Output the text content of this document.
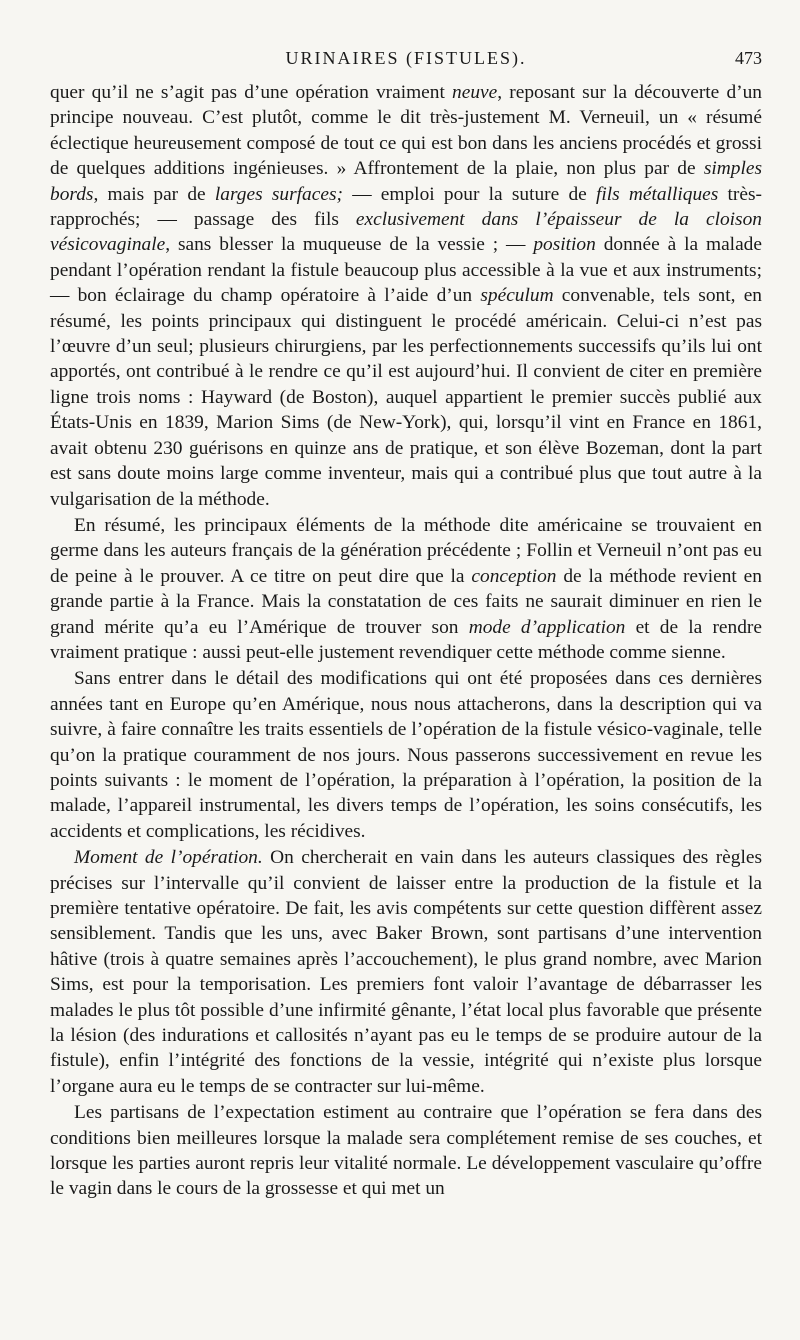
URINAIRES (FISTULES).	473

quer qu’il ne s’agit pas d’une opération vraiment neuve, reposant sur la découverte d’un principe nouveau. C’est plutôt, comme le dit très-justement M. Verneuil, un « résumé éclectique heureusement composé de tout ce qui est bon dans les anciens procédés et grossi de quelques additions ingénieuses. » Affrontement de la plaie, non plus par de simples bords, mais par de larges surfaces; — emploi pour la suture de fils métalliques très-rapprochés; — passage des fils exclusivement dans l’épaisseur de la cloison vésicovaginale, sans blesser la muqueuse de la vessie ; — position donnée à la malade pendant l’opération rendant la fistule beaucoup plus accessible à la vue et aux instruments; — bon éclairage du champ opératoire à l’aide d’un spéculum convenable, tels sont, en résumé, les points principaux qui distinguent le procédé américain. Celui-ci n’est pas l’œuvre d’un seul; plusieurs chirurgiens, par les perfectionnements successifs qu’ils lui ont apportés, ont contribué à le rendre ce qu’il est aujourd’hui. Il convient de citer en première ligne trois noms : Hayward (de Boston), auquel appartient le premier succès publié aux États-Unis en 1839, Marion Sims (de New-York), qui, lorsqu’il vint en France en 1861, avait obtenu 230 guérisons en quinze ans de pratique, et son élève Bozeman, dont la part est sans doute moins large comme inventeur, mais qui a contribué plus que tout autre à la vulgarisation de la méthode.

En résumé, les principaux éléments de la méthode dite américaine se trouvaient en germe dans les auteurs français de la génération précédente ; Follin et Verneuil n’ont pas eu de peine à le prouver. A ce titre on peut dire que la conception de la méthode revient en grande partie à la France. Mais la constatation de ces faits ne saurait diminuer en rien le grand mérite qu’a eu l’Amérique de trouver son mode d’application et de la rendre vraiment pratique : aussi peut-elle justement revendiquer cette méthode comme sienne.

Sans entrer dans le détail des modifications qui ont été proposées dans ces dernières années tant en Europe qu’en Amérique, nous nous attacherons, dans la description qui va suivre, à faire connaître les traits essentiels de l’opération de la fistule vésico-vaginale, telle qu’on la pratique couramment de nos jours. Nous passerons successivement en revue les points suivants : le moment de l’opération, la préparation à l’opération, la position de la malade, l’appareil instrumental, les divers temps de l’opération, les soins consécutifs, les accidents et complications, les récidives.

Moment de l’opération. On chercherait en vain dans les auteurs classiques des règles précises sur l’intervalle qu’il convient de laisser entre la production de la fistule et la première tentative opératoire. De fait, les avis compétents sur cette question diffèrent assez sensiblement. Tandis que les uns, avec Baker Brown, sont partisans d’une intervention hâtive (trois à quatre semaines après l’accouchement), le plus grand nombre, avec Marion Sims, est pour la temporisation. Les premiers font valoir l’avantage de débarrasser les malades le plus tôt possible d’une infirmité gênante, l’état local plus favorable que présente la lésion (des indurations et callosités n’ayant pas eu le temps de se produire autour de la fistule), enfin l’intégrité des fonctions de la vessie, intégrité qui n’existe plus lorsque l’organe aura eu le temps de se contracter sur lui-même.

Les partisans de l’expectation estiment au contraire que l’opération se fera dans des conditions bien meilleures lorsque la malade sera complétement remise de ses couches, et lorsque les parties auront repris leur vitalité normale. Le développement vasculaire qu’offre le vagin dans le cours de la grossesse et qui met un
